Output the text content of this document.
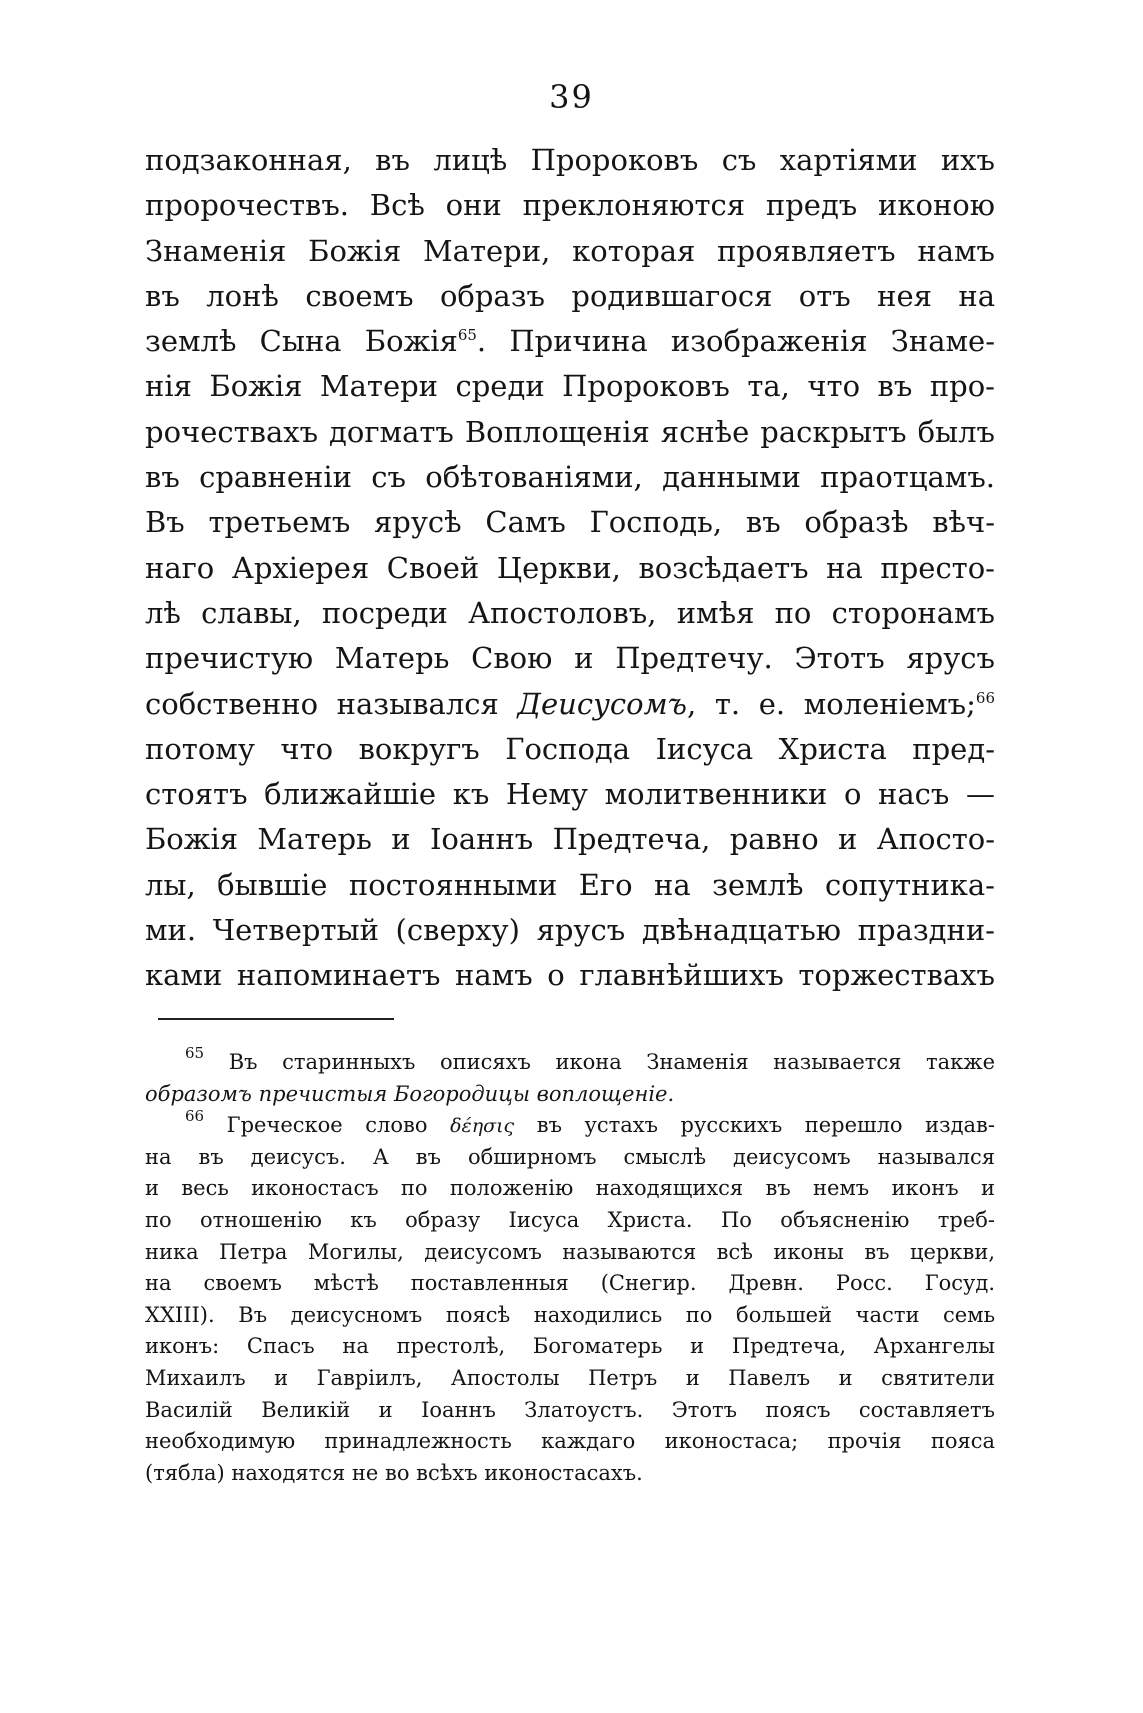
39
подзаконная, въ лицѣ Пророковъ съ хартіями ихъ
пророчествъ. Всѣ они преклоняются предъ иконою
Знаменія Божія Матери, которая проявляетъ намъ
въ лонѣ своемъ образъ родившагося отъ нея на
землѣ Сына Божія$^{65}$. Причина изображенія Знаме-
нія Божія Матери среди Пророковъ та, что въ про-
рочествахъ догматъ Воплощенія яснѣе раскрытъ былъ
въ сравненіи съ обѣтованіями, данными праотцамъ.
Въ третьемъ ярусѣ Самъ Господь, въ образѣ вѣч-
наго Архіерея Своей Церкви, возсѣдаетъ на престо-
лѣ славы, посреди Апостоловъ, имѣя по сторонамъ
пречистую Матерь Свою и Предтечу. Этотъ ярусъ
собственно назывался Деисусомъ, т. е. моленіемъ;$^{66}$
потому что вокругъ Господа Іисуса Христа пред-
стоятъ ближайшіе къ Нему молитвенники о насъ —
Божія Матерь и Іоаннъ Предтеча, равно и Апосто-
лы, бывшіе постоянными Его на землѣ сопутника-
ми. Четвертый (сверху) ярусъ двѣнадцатью праздни-
ками напоминаетъ намъ о главнѣйшихъ торжествахъ
$^{65}$ Въ старинныхъ описяхъ икона Знаменія называется также
образомъ пречистыя Богородицы воплощеніе.
$^{66}$ Греческое слово δέησις въ устахъ русскихъ перешло издав-
на въ деисусъ. А въ обширномъ смыслѣ деисусомъ назывался
и весь иконостасъ по положенію находящихся въ немъ иконъ и
по отношенію къ образу Іисуса Христа. По объясненію треб-
ника Петра Могилы, деисусомъ называются всѣ иконы въ церкви,
на своемъ мѣстѣ поставленныя (Снегир. Древн. Росс. Госуд.
XXIII). Въ деисусномъ поясѣ находились по большей части семь
иконъ: Спасъ на престолѣ, Богоматерь и Предтеча, Архангелы
Михаилъ и Гавріилъ, Апостолы Петръ и Павелъ и святители
Василій Великій и Іоаннъ Златоустъ. Этотъ поясъ составляетъ
необходимую принадлежность каждаго иконостаса; прочія пояса
(тябла) находятся не во всѣхъ иконостасахъ.
